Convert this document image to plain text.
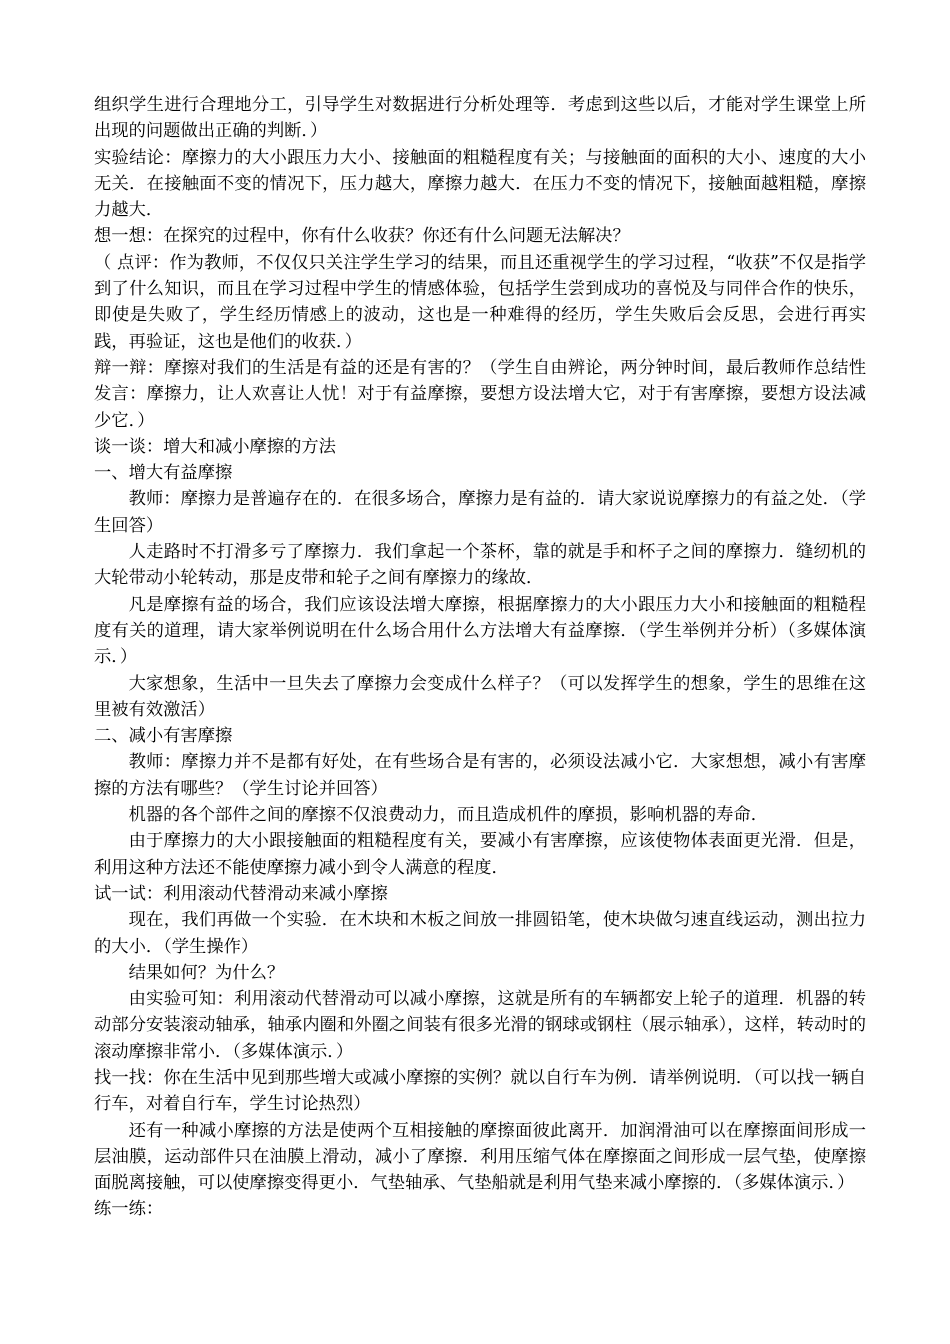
组织学生进行合理地分工，引导学生对数据进行分析处理等．考虑到这些以后，才能对学生课堂上所出现的问题做出正确的判断．）

实验结论：摩擦力的大小跟压力大小、接触面的粗糙程度有关；与接触面的面积的大小、速度的大小无关．在接触面不变的情况下，压力越大，摩擦力越大．在压力不变的情况下，接触面越粗糙，摩擦力越大．

想一想：在探究的过程中，你有什么收获？你还有什么问题无法解决？

（ 点评：作为教师，不仅仅只关注学生学习的结果，而且还重视学生的学习过程，“收获”不仅是指学到了什么知识，而且在学习过程中学生的情感体验，包括学生尝到成功的喜悦及与同伴合作的快乐，即使是失败了，学生经历情感上的波动，这也是一种难得的经历，学生失败后会反思，会进行再实践，再验证，这也是他们的收获．）

辩一辩：摩擦对我们的生活是有益的还是有害的？（学生自由辨论，两分钟时间，最后教师作总结性发言：摩擦力，让人欢喜让人忧！对于有益摩擦，要想方设法增大它，对于有害摩擦，要想方设法减少它．）

谈一谈：增大和减小摩擦的方法

一、增大有益摩擦

教师：摩擦力是普遍存在的．在很多场合，摩擦力是有益的．请大家说说摩擦力的有益之处．（学生回答）

人走路时不打滑多亏了摩擦力．我们拿起一个茶杯，靠的就是手和杯子之间的摩擦力．缝纫机的大轮带动小轮转动，那是皮带和轮子之间有摩擦力的缘故．

凡是摩擦有益的场合，我们应该设法增大摩擦，根据摩擦力的大小跟压力大小和接触面的粗糙程度有关的道理，请大家举例说明在什么场合用什么方法增大有益摩擦．（学生举例并分析）（多媒体演示．）

大家想象，生活中一旦失去了摩擦力会变成什么样子？（可以发挥学生的想象，学生的思维在这里被有效激活）

二、减小有害摩擦

教师：摩擦力并不是都有好处，在有些场合是有害的，必须设法减小它．大家想想，减小有害摩擦的方法有哪些？（学生讨论并回答）

机器的各个部件之间的摩擦不仅浪费动力，而且造成机件的摩损，影响机器的寿命．

由于摩擦力的大小跟接触面的粗糙程度有关，要减小有害摩擦，应该使物体表面更光滑．但是，利用这种方法还不能使摩擦力减小到令人满意的程度．

试一试：利用滚动代替滑动来减小摩擦

现在，我们再做一个实验．在木块和木板之间放一排圆铅笔，使木块做匀速直线运动，测出拉力的大小．（学生操作）

结果如何？为什么？

由实验可知：利用滚动代替滑动可以减小摩擦，这就是所有的车辆都安上轮子的道理．机器的转动部分安装滚动轴承，轴承内圈和外圈之间装有很多光滑的钢球或钢柱（展示轴承），这样，转动时的滚动摩擦非常小．（多媒体演示．）

找一找：你在生活中见到那些增大或减小摩擦的实例？就以自行车为例．请举例说明．（可以找一辆自行车，对着自行车，学生讨论热烈）

还有一种减小摩擦的方法是使两个互相接触的摩擦面彼此离开．加润滑油可以在摩擦面间形成一层油膜，运动部件只在油膜上滑动，减小了摩擦．利用压缩气体在摩擦面之间形成一层气垫，使摩擦面脱离接触，可以使摩擦变得更小．气垫轴承、气垫船就是利用气垫来减小摩擦的．（多媒体演示．）

练一练：
